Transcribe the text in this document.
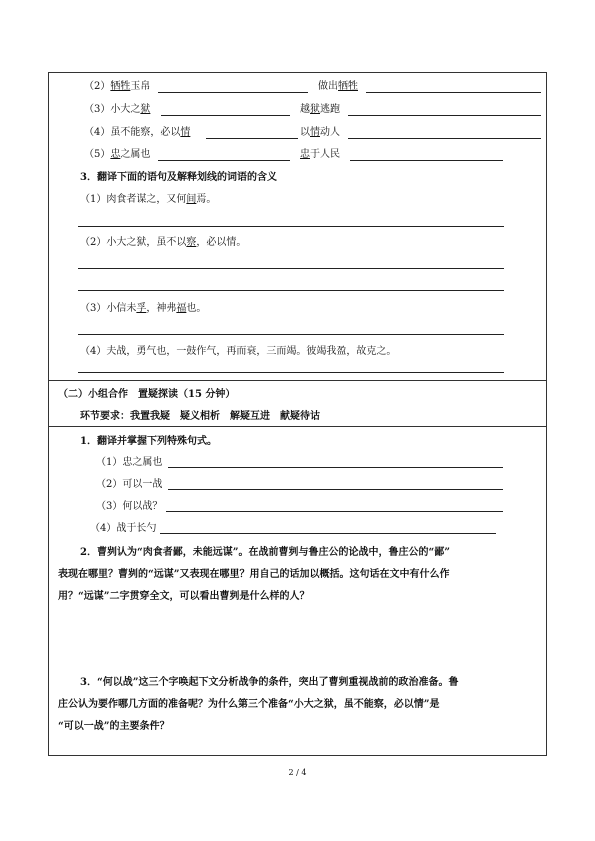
（2）牺牲玉帛	做出牺牲
（3）小大之狱	越狱逃跑
（4）虽不能察，必以情	以情动人
（5）忠之属也	忠于人民
3．翻译下面的语句及解释划线的词语的含义
（1）肉食者谋之，又何间焉。
（2）小大之狱，虽不以察，必以情。
（3）小信未孚，神弗福也。
（4）夫战，勇气也，一鼓作气，再而衰，三而竭。彼竭我盈，故克之。
（二）小组合作　置疑探读（15 分钟）
环节要求：我置我疑　疑义相析　解疑互进　献疑待诂
1．翻译并掌握下列特殊句式。
（1）忠之属也
（2）可以一战
（3）何以战？
（4）战于长勺
2．曹刿认为“肉食者鄙，未能远谋”。在战前曹刿与鲁庄公的论战中，鲁庄公的“鄙”
表现在哪里？曹刿的“远谋”又表现在哪里？用自己的话加以概括。这句话在文中有什么作
用？“远谋”二字贯穿全文，可以看出曹刿是什么样的人？
3．“何以战”这三个字唤起下文分析战争的条件，突出了曹刿重视战前的政治准备。鲁
庄公认为要作哪几方面的准备呢？为什么第三个准备“小大之狱，虽不能察，必以情”是
“可以一战”的主要条件？
2 / 4
